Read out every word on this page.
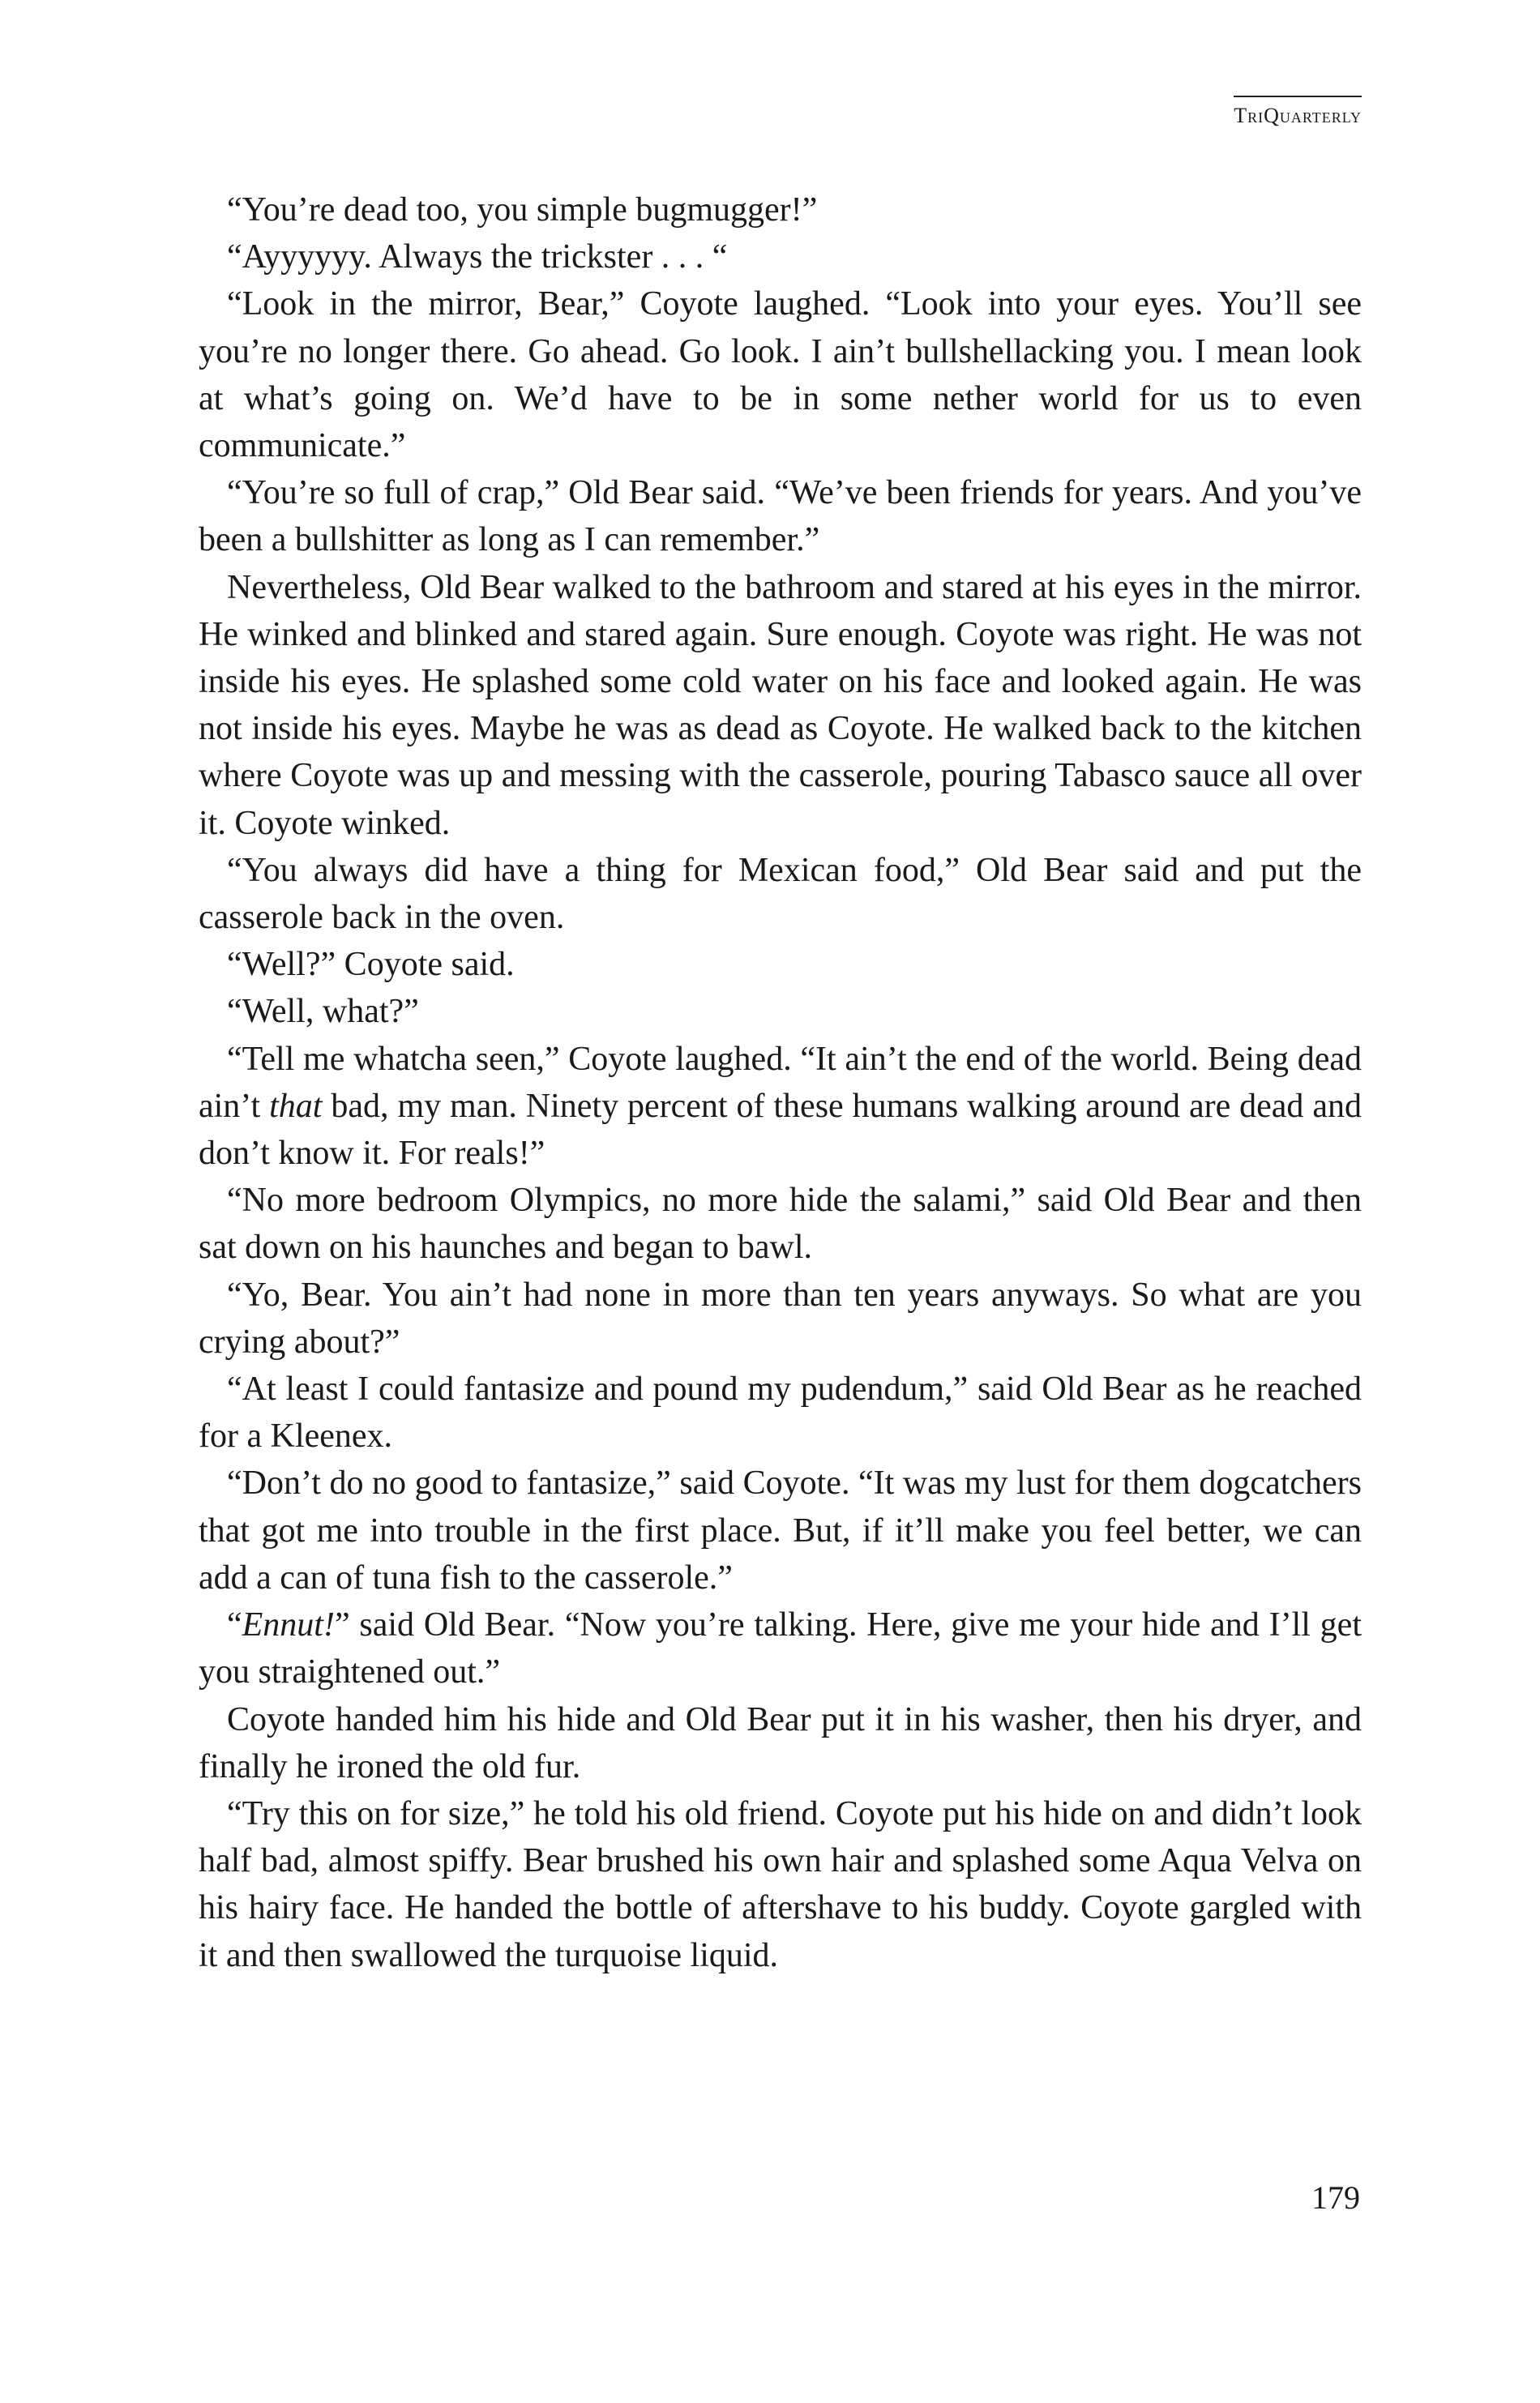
TriQuarterly

“You’re dead too, you simple bugmugger!”

“Ayyyyyy. Always the trickster . . . “

“Look in the mirror, Bear,” Coyote laughed. “Look into your eyes. You’ll see you’re no longer there. Go ahead. Go look. I ain’t bullshellacking you. I mean look at what’s going on. We’d have to be in some nether world for us to even communicate.”

“You’re so full of crap,” Old Bear said. “We’ve been friends for years. And you’ve been a bullshitter as long as I can remember.”

Nevertheless, Old Bear walked to the bathroom and stared at his eyes in the mirror. He winked and blinked and stared again. Sure enough. Coyote was right. He was not inside his eyes. He splashed some cold water on his face and looked again. He was not inside his eyes. Maybe he was as dead as Coyote. He walked back to the kitchen where Coyote was up and messing with the casserole, pouring Tabasco sauce all over it. Coyote winked.

“You always did have a thing for Mexican food,” Old Bear said and put the casserole back in the oven.

“Well?” Coyote said.

“Well, what?”

“Tell me whatcha seen,” Coyote laughed. “It ain’t the end of the world. Being dead ain’t that bad, my man. Ninety percent of these humans walking around are dead and don’t know it. For reals!”

“No more bedroom Olympics, no more hide the salami,” said Old Bear and then sat down on his haunches and began to bawl.

“Yo, Bear. You ain’t had none in more than ten years anyways. So what are you crying about?”

“At least I could fantasize and pound my pudendum,” said Old Bear as he reached for a Kleenex.

“Don’t do no good to fantasize,” said Coyote. “It was my lust for them dogcatchers that got me into trouble in the first place. But, if it’ll make you feel better, we can add a can of tuna fish to the casserole.”

“Ennut!” said Old Bear. “Now you’re talking. Here, give me your hide and I’ll get you straightened out.”

Coyote handed him his hide and Old Bear put it in his washer, then his dryer, and finally he ironed the old fur.

“Try this on for size,” he told his old friend. Coyote put his hide on and didn’t look half bad, almost spiffy. Bear brushed his own hair and splashed some Aqua Velva on his hairy face. He handed the bottle of aftershave to his buddy. Coyote gargled with it and then swallowed the turquoise liquid.

179
